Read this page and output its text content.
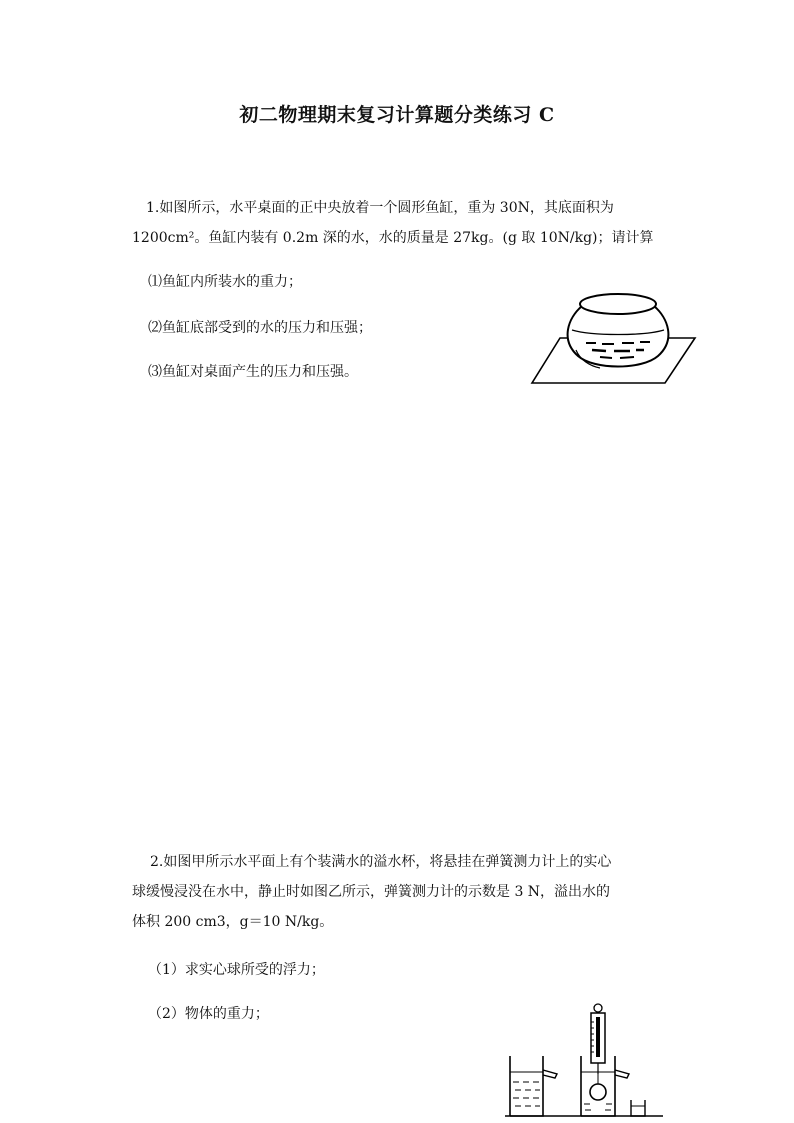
初二物理期末复习计算题分类练习 C
1.如图所示，水平桌面的正中央放着一个圆形鱼缸，重为 30N，其底面积为
1200cm²。鱼缸内装有 0.2m 深的水，水的质量是 27kg。(g 取 10N/kg)；请计算
⑴鱼缸内所装水的重力；
⑵鱼缸底部受到的水的压力和压强；
⑶鱼缸对桌面产生的压力和压强。
2.如图甲所示水平面上有个装满水的溢水杯，将悬挂在弹簧测力计上的实心
球缓慢浸没在水中，静止时如图乙所示，弹簧测力计的示数是 3 N，溢出水的
体积 200 cm3，g＝10 N/kg。
（1）求实心球所受的浮力；
（2）物体的重力；
